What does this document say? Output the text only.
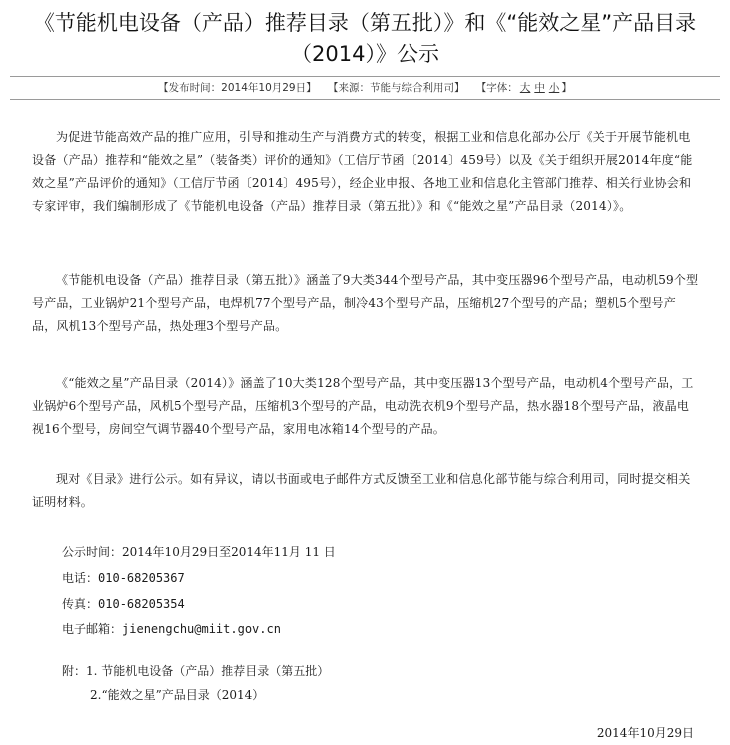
《节能机电设备（产品）推荐目录（第五批）》和《“能效之星”产品目录（2014）》公示
【发布时间：2014年10月29日】 【来源：节能与综合利用司】 【字体： 大 中 小 】

为促进节能高效产品的推广应用，引导和推动生产与消费方式的转变，根据工业和信息化部办公厅《关于开展节能机电设备（产品）推荐和“能效之星”（装备类）评价的通知》（工信厅节函〔2014〕459号）以及《关于组织开展2014年度“能效之星”产品评价的通知》（工信厅节函〔2014〕495号），经企业申报、各地工业和信息化主管部门推荐、相关行业协会和专家评审，我们编制形成了《节能机电设备（产品）推荐目录（第五批）》和《“能效之星”产品目录（2014）》。

《节能机电设备（产品）推荐目录（第五批）》涵盖了9大类344个型号产品，其中变压器96个型号产品，电动机59个型号产品，工业锅炉21个型号产品，电焊机77个型号产品，制冷43个型号产品，压缩机27个型号的产品；塑机5个型号产品，风机13个型号产品，热处理3个型号产品。

《“能效之星”产品目录（2014）》涵盖了10大类128个型号产品，其中变压器13个型号产品，电动机4个型号产品，工业锅炉6个型号产品，风机5个型号产品，压缩机3个型号的产品，电动洗衣机9个型号产品，热水器18个型号产品，液晶电视16个型号，房间空气调节器40个型号产品，家用电冰箱14个型号的产品。

现对《目录》进行公示。如有异议，请以书面或电子邮件方式反馈至工业和信息化部节能与综合利用司，同时提交相关证明材料。

公示时间：2014年10月29日至2014年11月 11 日
电话：010-68205367
传真：010-68205354
电子邮箱：jienengchu@miit.gov.cn
附：1. 节能机电设备（产品）推荐目录（第五批）
2.“能效之星”产品目录（2014）
2014年10月29日
